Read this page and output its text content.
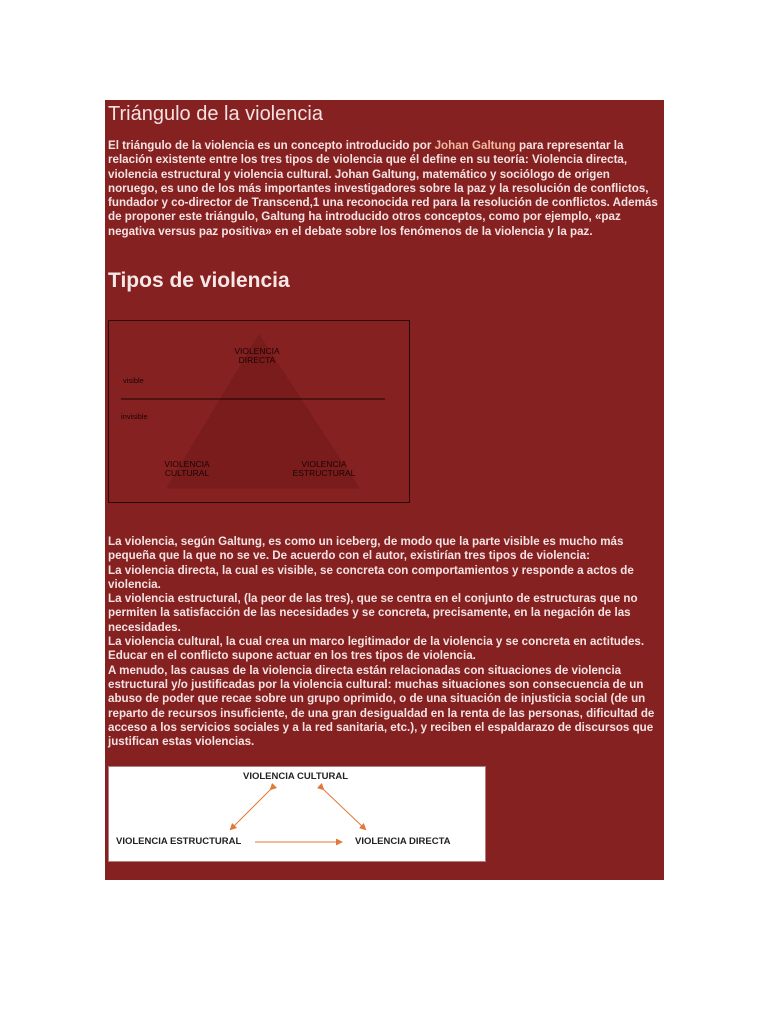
Triángulo de la violencia

El triángulo de la violencia es un concepto introducido por Johan Galtung para representar la relación existente entre los tres tipos de violencia que él define en su teoría: Violencia directa, violencia estructural y violencia cultural. Johan Galtung, matemático y sociólogo de origen noruego, es uno de los más importantes investigadores sobre la paz y la resolución de conflictos, fundador y co-director de Transcend,1 una reconocida red para la resolución de conflictos. Además de proponer este triángulo, Galtung ha introducido otros conceptos, como por ejemplo, «paz negativa versus paz positiva» en el debate sobre los fenómenos de la violencia y la paz.

Tipos de violencia
VIOLENCIA
DIRECTA
visible
invisible
VIOLENCIA
CULTURAL
VIOLENCIA
ESTRUCTURAL

La violencia, según Galtung, es como un iceberg, de modo que la parte visible es mucho más pequeña que la que no se ve. De acuerdo con el autor, existirían tres tipos de violencia:

La violencia directa, la cual es visible, se concreta con comportamientos y responde a actos de violencia.

La violencia estructural, (la peor de las tres), que se centra en el conjunto de estructuras que no permiten la satisfacción de las necesidades y se concreta, precisamente, en la negación de las necesidades.

La violencia cultural, la cual crea un marco legitimador de la violencia y se concreta en actitudes. Educar en el conflicto supone actuar en los tres tipos de violencia.

A menudo, las causas de la violencia directa están relacionadas con situaciones de violencia estructural y/o justificadas por la violencia cultural: muchas situaciones son consecuencia de un abuso de poder que recae sobre un grupo oprimido, o de una situación de injusticia social (de un reparto de recursos insuficiente, de una gran desigualdad en la renta de las personas, dificultad de acceso a los servicios sociales y a la red sanitaria, etc.), y reciben el espaldarazo de discursos que justifican estas violencias.

VIOLENCIA CULTURAL
VIOLENCIA ESTRUCTURAL	VIOLENCIA DIRECTA
